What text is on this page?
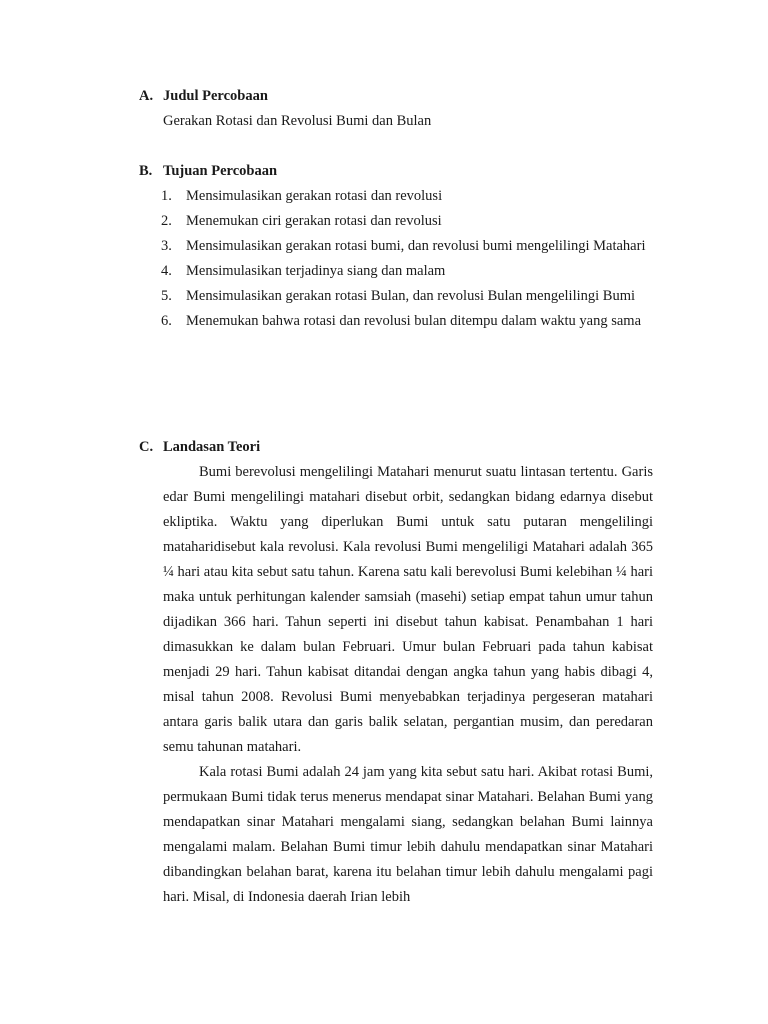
A. Judul Percobaan
Gerakan Rotasi dan Revolusi Bumi dan Bulan
B. Tujuan Percobaan
1. Mensimulasikan gerakan rotasi dan revolusi
2. Menemukan ciri gerakan rotasi dan revolusi
3. Mensimulasikan gerakan rotasi bumi, dan revolusi bumi mengelilingi Matahari
4. Mensimulasikan terjadinya siang dan malam
5. Mensimulasikan gerakan rotasi Bulan, dan revolusi Bulan mengelilingi Bumi
6. Menemukan bahwa rotasi dan revolusi bulan ditempu dalam waktu yang sama
C. Landasan Teori

Bumi berevolusi mengelilingi Matahari menurut suatu lintasan tertentu. Garis edar Bumi mengelilingi matahari disebut orbit, sedangkan bidang edarnya disebut ekliptika. Waktu yang diperlukan Bumi untuk satu putaran mengelilingi mataharidisebut kala revolusi. Kala revolusi Bumi mengeliligi Matahari adalah 365 ¼ hari atau kita sebut satu tahun. Karena satu kali berevolusi Bumi kelebihan ¼ hari maka untuk perhitungan kalender samsiah (masehi) setiap empat tahun umur tahun dijadikan 366 hari. Tahun seperti ini disebut tahun kabisat. Penambahan 1 hari dimasukkan ke dalam bulan Februari. Umur bulan Februari pada tahun kabisat menjadi 29 hari. Tahun kabisat ditandai dengan angka tahun yang habis dibagi 4, misal tahun 2008. Revolusi Bumi menyebabkan terjadinya pergeseran matahari antara garis balik utara dan garis balik selatan, pergantian musim, dan peredaran semu tahunan matahari.

Kala rotasi Bumi adalah 24 jam yang kita sebut satu hari. Akibat rotasi Bumi, permukaan Bumi tidak terus menerus mendapat sinar Matahari. Belahan Bumi yang mendapatkan sinar Matahari mengalami siang, sedangkan belahan Bumi lainnya mengalami malam. Belahan Bumi timur lebih dahulu mendapatkan sinar Matahari dibandingkan belahan barat, karena itu belahan timur lebih dahulu mengalami pagi hari. Misal, di Indonesia daerah Irian lebih
